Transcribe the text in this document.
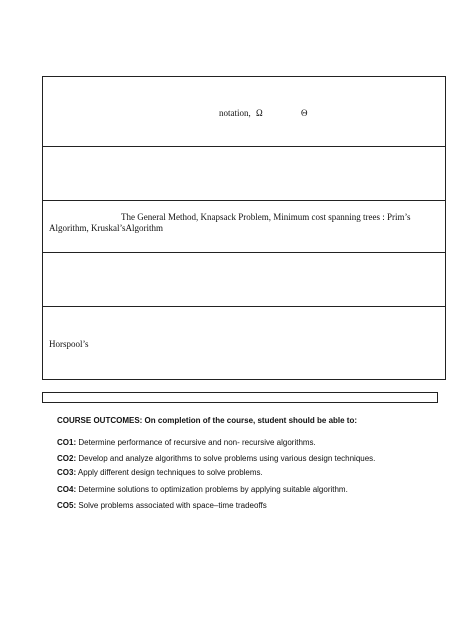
notation, Ω	Θ
The General Method, Knapsack Problem, Minimum cost spanning trees : Prim’s
Algorithm, Kruskal’sAlgorithm
Horspool’s
COURSE OUTCOMES: On completion of the course, student should be able to:
CO1: Determine performance of recursive and non- recursive algorithms.
CO2: Develop and analyze algorithms to solve problems using various design techniques.
CO3: Apply different design techniques to solve problems.
CO4: Determine solutions to optimization problems by applying suitable algorithm.
CO5: Solve problems associated with space–time tradeoffs
